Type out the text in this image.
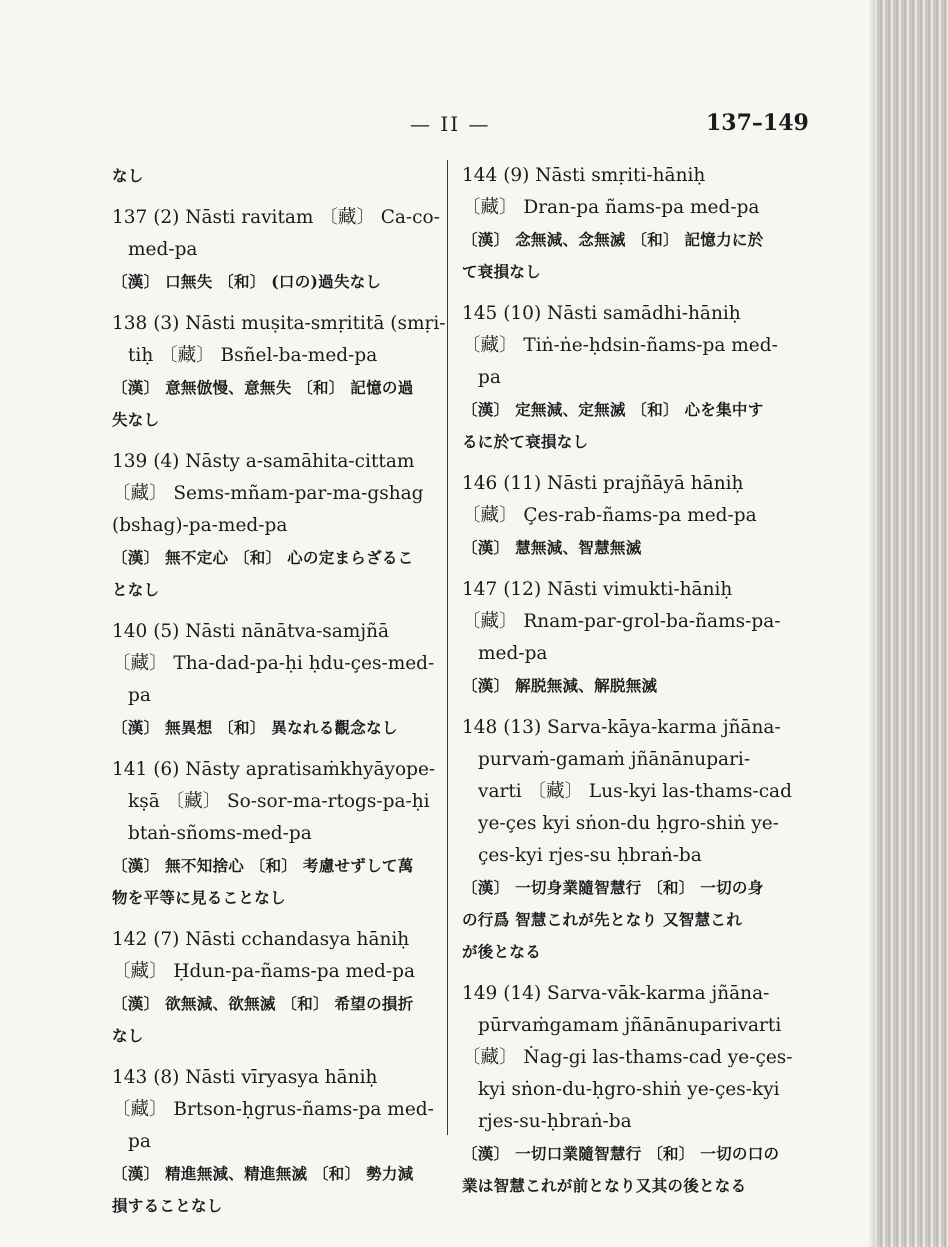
— II —	137–149
なし
137 (2) Nāsti ravitam 〔藏〕 Ca-co-
med-pa
〔漢〕 口無失 〔和〕 (口の)過失なし
138 (3) Nāsti muṣita-smṛititā (smṛi-
tiḥ 〔藏〕 Bsñel-ba-med-pa
〔漢〕 意無倣慢、意無失 〔和〕 記憶の過
失なし
139 (4) Nāsty a-samāhita-cittam
〔藏〕 Sems-mñam-par-ma-gshag
(bshag)-pa-med-pa
〔漢〕 無不定心 〔和〕 心の定まらざるこ
となし
140 (5) Nāsti nānātva-samjñā
〔藏〕 Tha-dad-pa-ḥi ḥdu-çes-med-
pa
〔漢〕 無異想 〔和〕 異なれる觀念なし
141 (6) Nāsty apratisaṁkhyāyope-
kṣā 〔藏〕 So-sor-ma-rtogs-pa-ḥi
btaṅ-sñoms-med-pa
〔漢〕 無不知捨心 〔和〕 考慮せずして萬
物を平等に見ることなし
142 (7) Nāsti cchandasya hāniḥ
〔藏〕 Ḥdun-pa-ñams-pa med-pa
〔漢〕 欲無減、欲無滅 〔和〕 希望の損折
なし
143 (8) Nāsti vīryasya hāniḥ
〔藏〕 Brtson-ḥgrus-ñams-pa med-
pa
〔漢〕 精進無減、精進無滅 〔和〕 勢力減
損することなし
144 (9) Nāsti smṛiti-hāniḥ
〔藏〕 Dran-pa ñams-pa med-pa
〔漢〕 念無減、念無滅 〔和〕 記憶力に於
て衰損なし
145 (10) Nāsti samādhi-hāniḥ
〔藏〕 Tiṅ-ṅe-ḥdsin-ñams-pa med-
pa
〔漢〕 定無減、定無滅 〔和〕 心を集中す
るに於て衰損なし
146 (11) Nāsti prajñāyā hāniḥ
〔藏〕 Çes-rab-ñams-pa med-pa
〔漢〕 慧無減、智慧無滅
147 (12) Nāsti vimukti-hāniḥ
〔藏〕 Rnam-par-grol-ba-ñams-pa-
med-pa
〔漢〕 解脱無減、解脱無滅
148 (13) Sarva-kāya-karma jñāna-
purvaṁ-gamaṁ jñānānupari-
varti 〔藏〕 Lus-kyi las-thams-cad
ye-çes kyi sṅon-du ḥgro-shiṅ ye-
çes-kyi rjes-su ḥbraṅ-ba
〔漢〕 一切身業隨智慧行 〔和〕 一切の身
の行爲 智慧これが先となり 又智慧これ
が後となる
149 (14) Sarva-vāk-karma jñāna-
pūrvaṁgamam jñānānuparivarti
〔藏〕 Ṅag-gi las-thams-cad ye-çes-
kyi sṅon-du-ḥgro-shiṅ ye-çes-kyi
rjes-su-ḥbraṅ-ba
〔漢〕 一切口業隨智慧行 〔和〕 一切の口の
業は智慧これが前となり又其の後となる
